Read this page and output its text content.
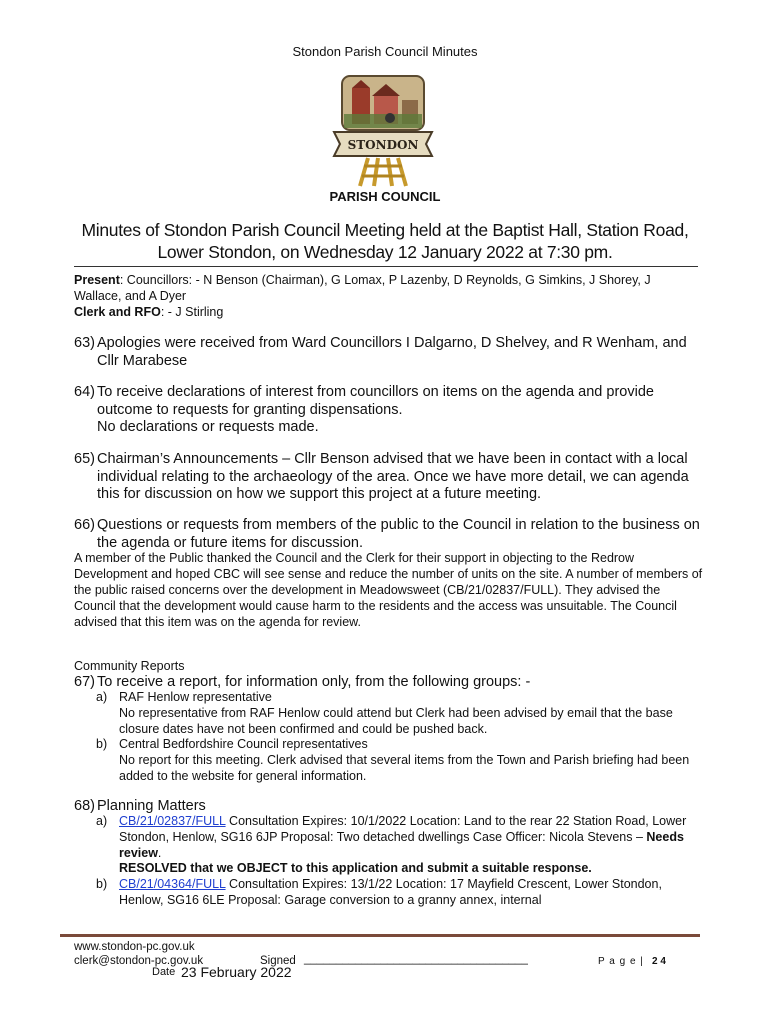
Stondon Parish Council Minutes
STONDON
PARISH COUNCIL
Minutes of Stondon Parish Council Meeting held at the Baptist Hall, Station Road,
Lower Stondon, on Wednesday 12 January 2022 at 7:30 pm.
Present: Councillors: - N Benson (Chairman), G Lomax, P Lazenby, D Reynolds, G Simkins, J Shorey, J Wallace, and A Dyer
Clerk and RFO: - J Stirling
63) Apologies were received from Ward Councillors I Dalgarno, D Shelvey, and R Wenham, and Cllr Marabese
64) To receive declarations of interest from councillors on items on the agenda and provide outcome to requests for granting dispensations.
No declarations or requests made.
65) Chairman’s Announcements – Cllr Benson advised that we have been in contact with a local individual relating to the archaeology of the area. Once we have more detail, we can agenda this for discussion on how we support this project at a future meeting.
66) Questions or requests from members of the public to the Council in relation to the business on the agenda or future items for discussion.
A member of the Public thanked the Council and the Clerk for their support in objecting to the Redrow Development and hoped CBC will see sense and reduce the number of units on the site. A number of members of the public raised concerns over the development in Meadowsweet (CB/21/02837/FULL). They advised the Council that the development would cause harm to the residents and the access was unsuitable. The Council advised that this item was on the agenda for review.
Community Reports
67) To receive a report, for information only, from the following groups: -
a) RAF Henlow representative
No representative from RAF Henlow could attend but Clerk had been advised by email that the base closure dates have not been confirmed and could be pushed back.
b) Central Bedfordshire Council representatives
No report for this meeting. Clerk advised that several items from the Town and Parish briefing had been added to the website for general information.
68) Planning Matters
a) CB/21/02837/FULL Consultation Expires: 10/1/2022 Location: Land to the rear 22 Station Road, Lower Stondon, Henlow, SG16 6JP Proposal: Two detached dwellings Case Officer: Nicola Stevens – Needs review.
RESOLVED that we OBJECT to this application and submit a suitable response.
b) CB/21/04364/FULL Consultation Expires: 13/1/22 Location: 17 Mayfield Crescent, Lower Stondon, Henlow, SG16 6LE Proposal: Garage conversion to a granny annex, internal
www.stondon-pc.gov.uk
clerk@stondon-pc.gov.uk	Signed ___________________________________	P a g e | 2 4
Date 23 February 2022
